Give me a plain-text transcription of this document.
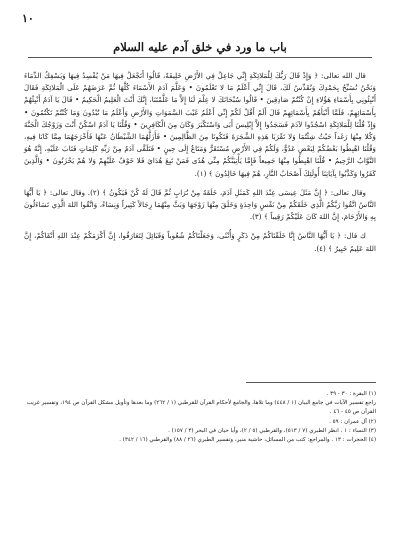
١٠
باب ما ورد في خلق آدم عليه السلام

قال الله تعالى: ﴿ وَإِذْ قَالَ رَبُّكَ لِلْمَلائِكَةِ إِنِّي جَاعِلٌ فِي الأَرْضِ خَلِيفَةً، قَالُوا أَتَجْعَلُ فِيهَا مَنْ يُفْسِدُ فِيهَا وَيَسْفِكُ الدِّمَاءَ وَنَحْنُ نُسَبِّحُ بِحَمْدِكَ وَنُقَدِّسُ لَكَ، قَالَ إِنِّي أَعْلَمُ مَا لا تَعْلَمُونَ • وَعَلَّمَ آدَمَ الأَسْمَاءَ كُلَّهَا ثُمَّ عَرَضَهُمْ عَلَى الْمَلائِكَةِ فَقَالَ أَنْبِئُونِي بِأَسْمَاءِ هَؤُلاءِ إِنْ كُنْتُمْ صَادِقِينَ • قَالُوا سُبْحَانَكَ لا عِلْمَ لَنَا إِلاَّ مَا عَلَّمْتَنَا، إِنَّكَ أَنْتَ الْعَلِيمُ الْحَكِيمُ • قَالَ يَا آدَمُ أَنْبِئْهُمْ بِأَسْمَائِهِمْ، فَلَمَّا أَنْبَأَهُمْ بِأَسْمَائِهِمْ قَالَ أَلَمْ أَقُلْ لَكُمْ إِنِّي أَعْلَمُ غَيْبَ السَّمَوَاتِ وَالأَرْضِ وَأَعْلَمُ مَا تُبْدُونَ وَمَا كُنْتُمْ تَكْتُمُونَ • وَإِذْ قُلْنَا لِلْمَلائِكَةِ اسْجُدُوا لآدَمَ فَسَجَدُوا إِلاَّ إِبْلِيسَ أَبَى وَاسْتَكْبَرَ وَكَانَ مِنَ الْكَافِرِينَ • وَقُلْنَا يَا آدَمُ اسْكُنْ أَنْتَ وَزَوْجُكَ الْجَنَّةَ وَكُلا مِنْهَا رَغَداً حَيْثُ شِئْتُمَا وَلا تَقْرَبَا هَذِهِ الشَّجَرَةَ فَتَكُونَا مِنَ الظَّالِمِينَ • فَأَزَلَّهُمَا الشَّيْطَانُ عَنْهَا فَأَخْرَجَهُمَا مِمَّا كَانَا فِيهِ، وَقُلْنَا اهْبِطُوا بَعْضُكُمْ لِبَعْضٍ عَدُوٌّ، وَلَكُمْ فِي الأَرْضِ مُسْتَقَرٌّ وَمَتَاعٌ إِلَى حِينٍ • فَتَلَقَّى آدَمُ مِنْ رَبِّهِ كَلِمَاتٍ فَتَابَ عَلَيْهِ، إِنَّهُ هُوَ التَّوَّابُ الرَّحِيمُ • قُلْنَا اهْبِطُوا مِنْهَا جَمِيعاً فَإِمَّا يَأْتِيَنَّكُمْ مِنِّي هُدًى فَمَنْ تَبِعَ هُدَايَ فَلا خَوْفٌ عَلَيْهِمْ وَلا هُمْ يَحْزَنُونَ • وَالَّذِينَ كَفَرُوا وَكَذَّبُوا بِآيَاتِنَا أُولَئِكَ أَصْحَابُ النَّارِ، هُمْ فِيهَا خَالِدُونَ ﴾ (١).

وقال تعالى: ﴿ إِنَّ مَثَلَ عِيسَى عِنْدَ اللهِ كَمَثَلِ آدَمَ، خَلَقَهُ مِنْ تُرَابٍ ثُمَّ قَالَ لَهُ كُنْ فَيَكُونُ ﴾ (٢). وقال تعالى: ﴿ يَا أَيُّهَا النَّاسُ اتَّقُوا رَبَّكُمُ الَّذِي خَلَقَكُمْ مِنْ نَفْسٍ وَاحِدَةٍ وَخَلَقَ مِنْهَا زَوْجَهَا وَبَثَّ مِنْهُمَا رِجَالاً كَثِيراً وَنِسَاءً، وَاتَّقُوا اللهَ الَّذِي تَسَاءَلُونَ بِهِ وَالأَرْحَامَ، إِنَّ اللهَ كَانَ عَلَيْكُمْ رَقِيباً ﴾ (٣).

ك قال: ﴿ يَا أَيُّهَا النَّاسُ إِنَّا خَلَقْنَاكُمْ مِنْ ذَكَرٍ وَأُنْثَى، وَجَعَلْنَاكُمْ شُعُوباً وَقَبَائِلَ لِتَعَارَفُوا، إِنَّ أَكْرَمَكُمْ عِنْدَ اللهِ أَتْقَاكُمْ، إِنَّ اللهَ عَلِيمٌ خَبِيرٌ ﴾ (٤).

(١) البقرة : ٣٠ - ٣٩ .
راجع تفسير الآيات في جامع البيان (١ / ٤٤٨) وما تلاها، والجامع لأحكام القرآن للقرطبي (١ / ٢٦٢) وما بعدها وتأويل مشكل القرآن ص ١٩٤، وتفسير غريب القرآن ص ٤٥ - ٤٦ .
(٢) آل عمران : ٥٩ .
(٣) النساء : ١ . انظر الطبري (٧ / ٥١٣)، والقرطبي (٥ / ٢)، وأبا حيان في البحر (٣ / ١٥٧) .
(٤) الحجرات : ١٣ . والمراجع: كتب من المسائل، حاشية منير، وتفسير الطبري (٢٦ / ٨٨) والقرطبي (١٦ / ٣٤٢) .
